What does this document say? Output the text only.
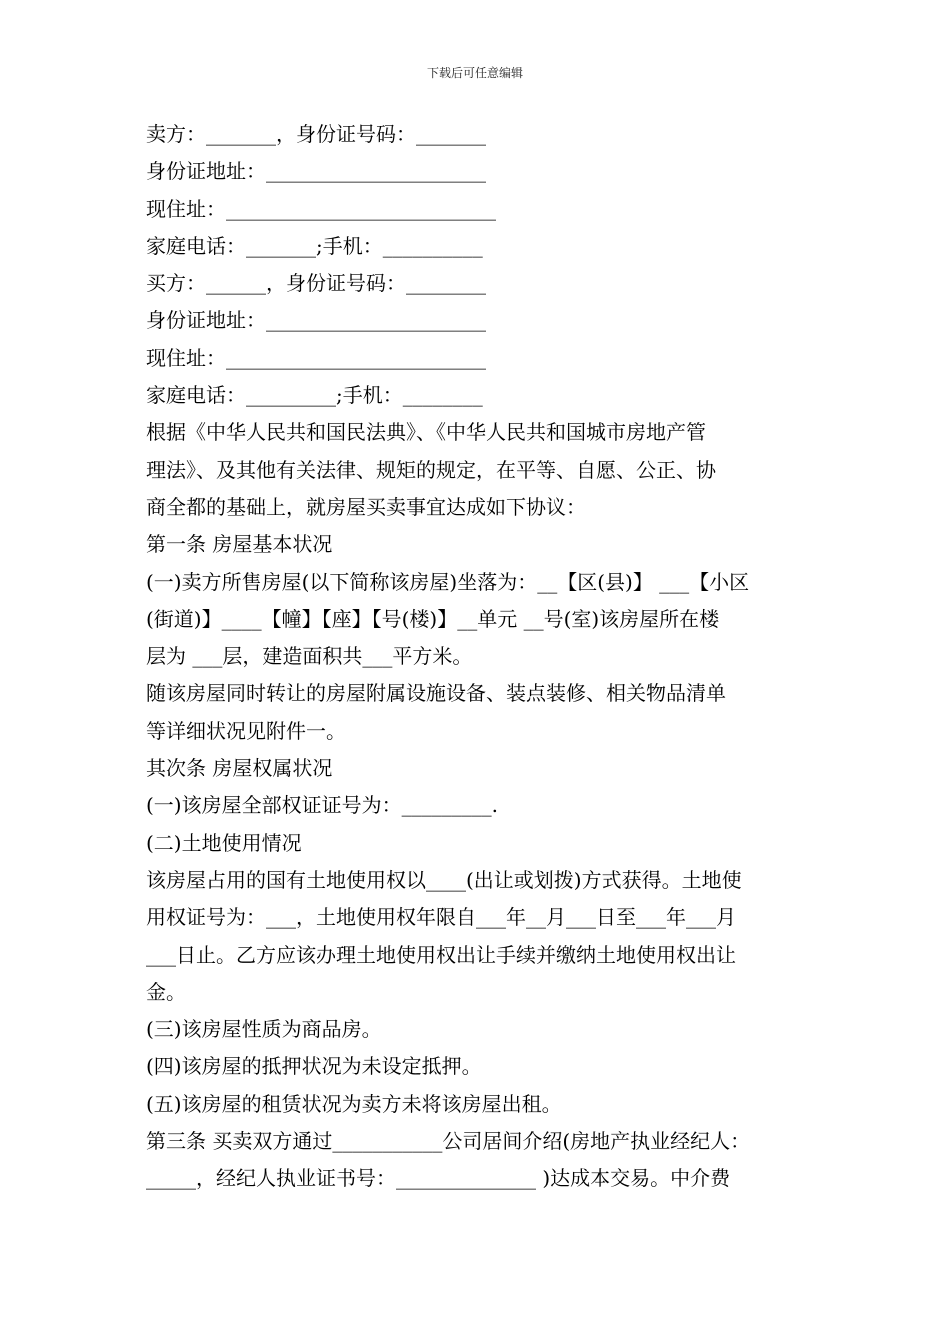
下载后可任意编辑

卖方：_______，身份证号码：_______

身份证地址：______________________

现住址：___________________________

家庭电话：_______;手机：__________

买方：______，身份证号码：________

身份证地址：______________________

现住址：__________________________

家庭电话：_________;手机：________

根据《中华人民共和国民法典》、《中华人民共和国城市房地产管

理法》、及其他有关法律、规矩的规定，在平等、自愿、公正、协

商全都的基础上，就房屋买卖事宜达成如下协议：

第一条 房屋基本状况

(一)卖方所售房屋(以下简称该房屋)坐落为：__【区(县)】 ___【小区

(街道)】____【幢】【座】【号(楼)】__单元 __号(室)该房屋所在楼

层为 ___层，建造面积共___平方米。

随该房屋同时转让的房屋附属设施设备、装点装修、相关物品清单

等详细状况见附件一。

其次条 房屋权属状况

(一)该房屋全部权证证号为：_________.

(二)土地使用情况

该房屋占用的国有土地使用权以____(出让或划拨)方式获得。土地使

用权证号为：___，土地使用权年限自___年__月___日至___年___月

___日止。乙方应该办理土地使用权出让手续并缴纳土地使用权出让

金。

(三)该房屋性质为商品房。

(四)该房屋的抵押状况为未设定抵押。

(五)该房屋的租赁状况为卖方未将该房屋出租。

第三条 买卖双方通过___________公司居间介绍(房地产执业经纪人：

_____，经纪人执业证书号：______________ )达成本交易。中介费
